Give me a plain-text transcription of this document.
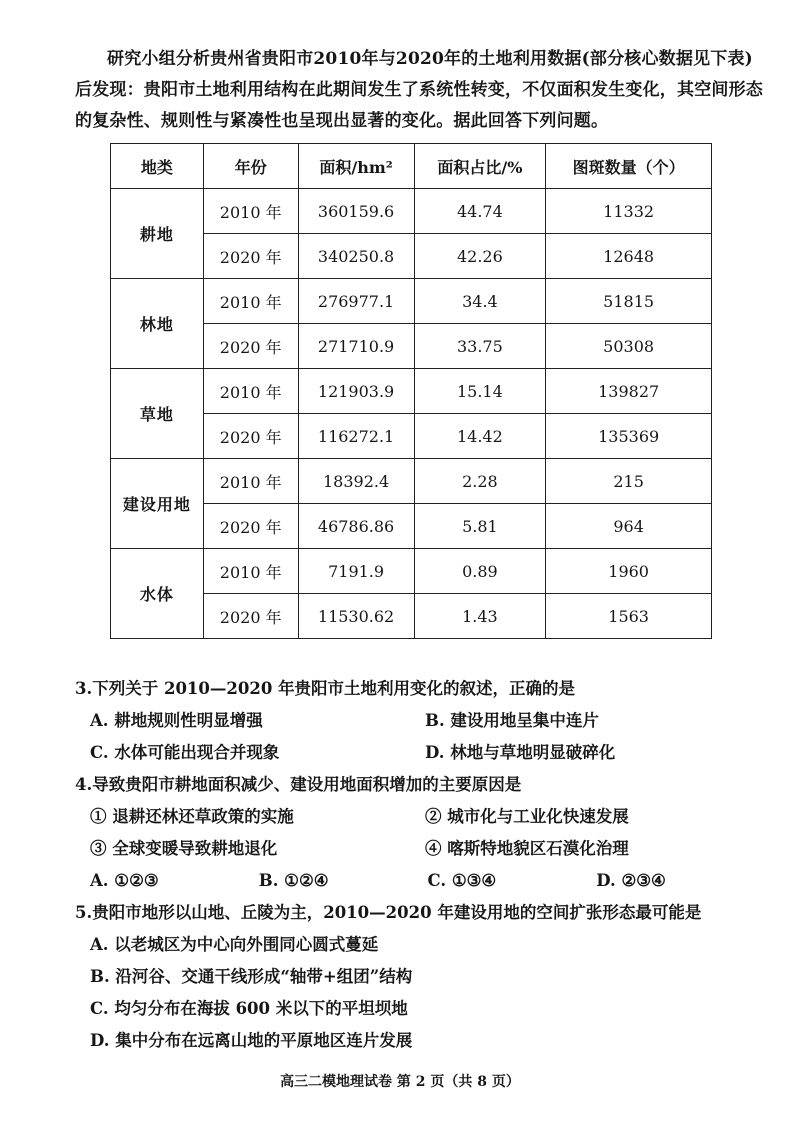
研究小组分析贵州省贵阳市2010年与2020年的土地利用数据(部分核心数据见下表)后发现：贵阳市土地利用结构在此期间发生了系统性转变，不仅面积发生变化，其空间形态的复杂性、规则性与紧凑性也呈现出显著的变化。据此回答下列问题。

地类	年份	面积/hm²	面积占比/%	图斑数量（个）
耕地	2010 年	360159.6	44.74	11332
	2020 年	340250.8	42.26	12648
林地	2010 年	276977.1	34.4	51815
	2020 年	271710.9	33.75	50308
草地	2010 年	121903.9	15.14	139827
	2020 年	116272.1	14.42	135369
建设用地	2010 年	18392.4	2.28	215
	2020 年	46786.86	5.81	964
水体	2010 年	7191.9	0.89	1960
	2020 年	11530.62	1.43	1563

3.下列关于 2010—2020 年贵阳市土地利用变化的叙述，正确的是

A. 耕地规则性明显增强	B. 建设用地呈集中连片
C. 水体可能出现合并现象	D. 林地与草地明显破碎化

4.导致贵阳市耕地面积减少、建设用地面积增加的主要原因是

① 退耕还林还草政策的实施	② 城市化与工业化快速发展
③ 全球变暖导致耕地退化	④ 喀斯特地貌区石漠化治理
A. ①②③	B. ①②④	C. ①③④	D. ②③④

5.贵阳市地形以山地、丘陵为主，2010—2020 年建设用地的空间扩张形态最可能是

A. 以老城区为中心向外围同心圆式蔓延
B. 沿河谷、交通干线形成“轴带+组团”结构
C. 均匀分布在海拔 600 米以下的平坦坝地
D. 集中分布在远离山地的平原地区连片发展
高三二模地理试卷 第 2 页（共 8 页）
